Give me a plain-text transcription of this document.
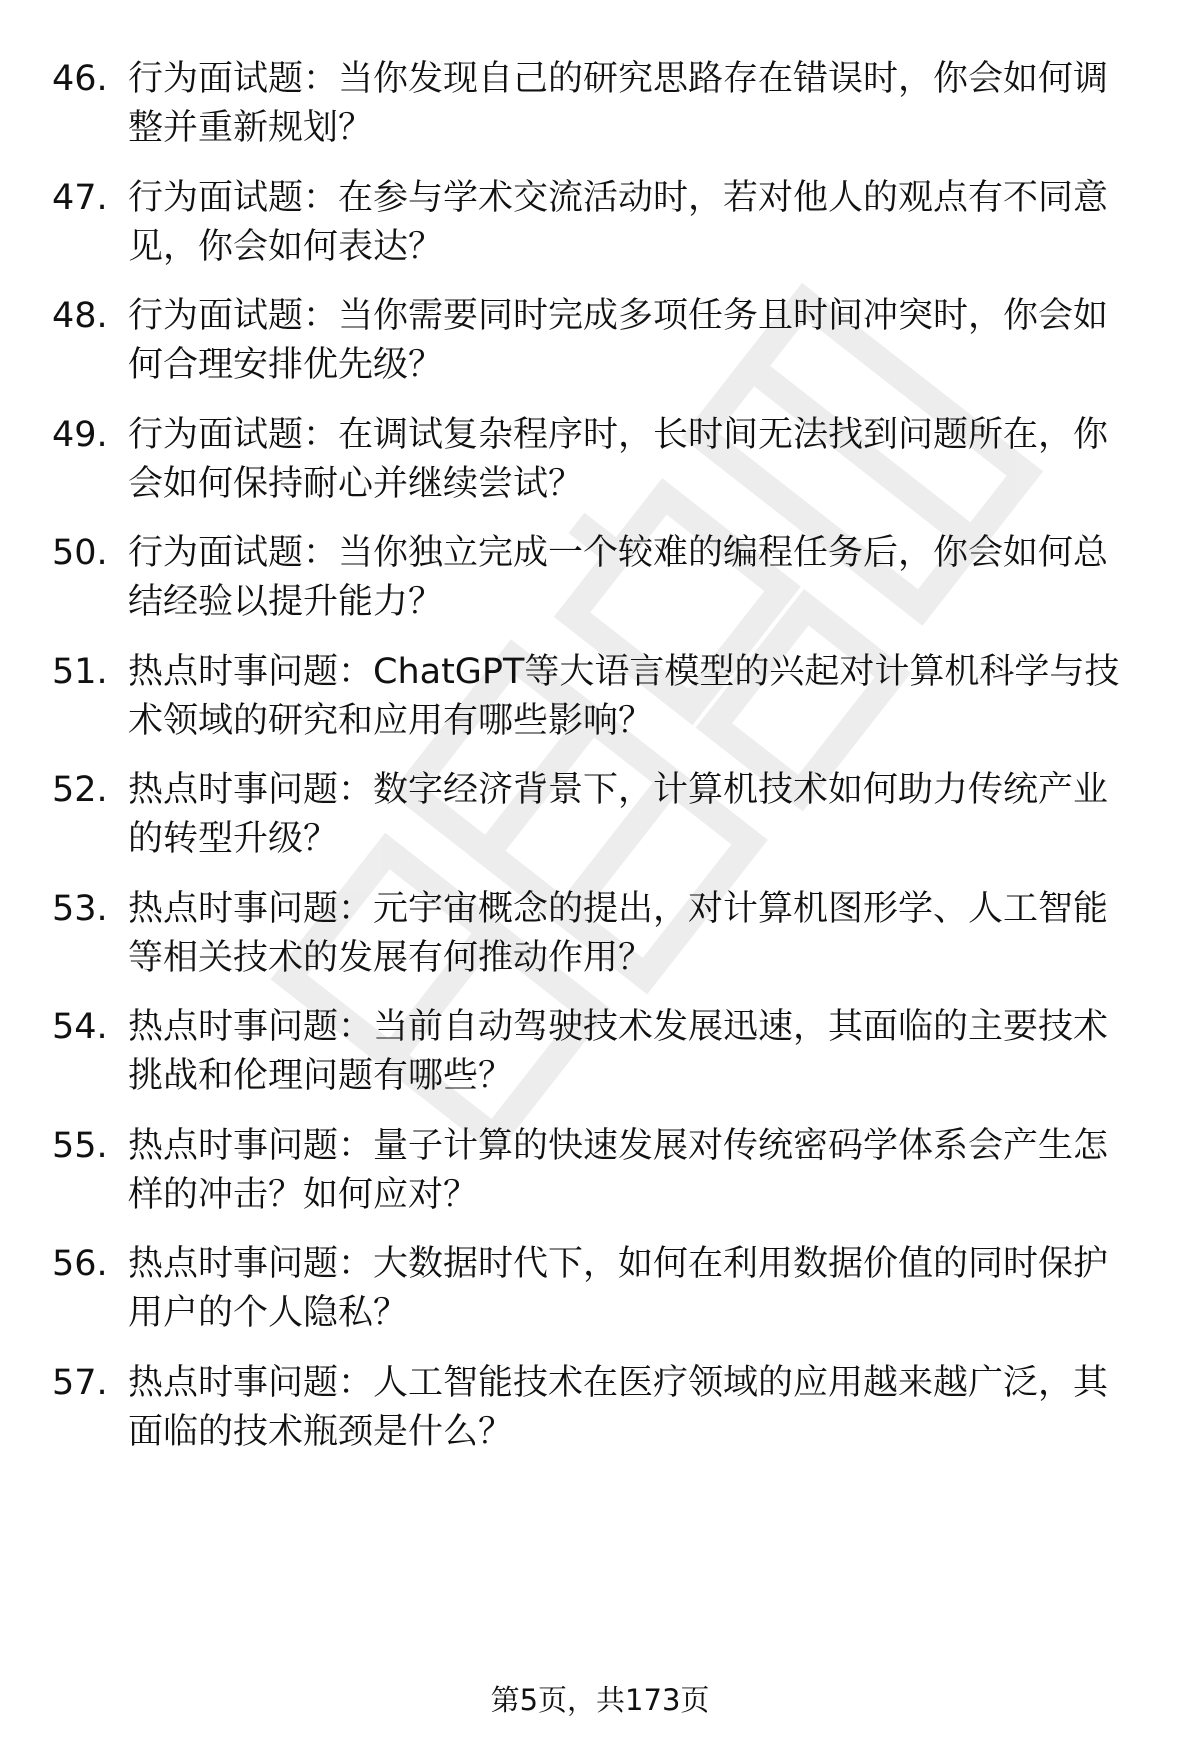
46. 行为面试题：当你发现自己的研究思路存在错误时，你会如何调整并重新规划？
47. 行为面试题：在参与学术交流活动时，若对他人的观点有不同意见，你会如何表达？
48. 行为面试题：当你需要同时完成多项任务且时间冲突时，你会如何合理安排优先级？
49. 行为面试题：在调试复杂程序时，长时间无法找到问题所在，你会如何保持耐心并继续尝试？
50. 行为面试题：当你独立完成一个较难的编程任务后，你会如何总结经验以提升能力？
51. 热点时事问题：ChatGPT等大语言模型的兴起对计算机科学与技术领域的研究和应用有哪些影响？
52. 热点时事问题：数字经济背景下，计算机技术如何助力传统产业的转型升级？
53. 热点时事问题：元宇宙概念的提出，对计算机图形学、人工智能等相关技术的发展有何推动作用？
54. 热点时事问题：当前自动驾驶技术发展迅速，其面临的主要技术挑战和伦理问题有哪些？
55. 热点时事问题：量子计算的快速发展对传统密码学体系会产生怎样的冲击？如何应对？
56. 热点时事问题：大数据时代下，如何在利用数据价值的同时保护用户的个人隐私？
57. 热点时事问题：人工智能技术在医疗领域的应用越来越广泛，其面临的技术瓶颈是什么？
第5页，共173页
